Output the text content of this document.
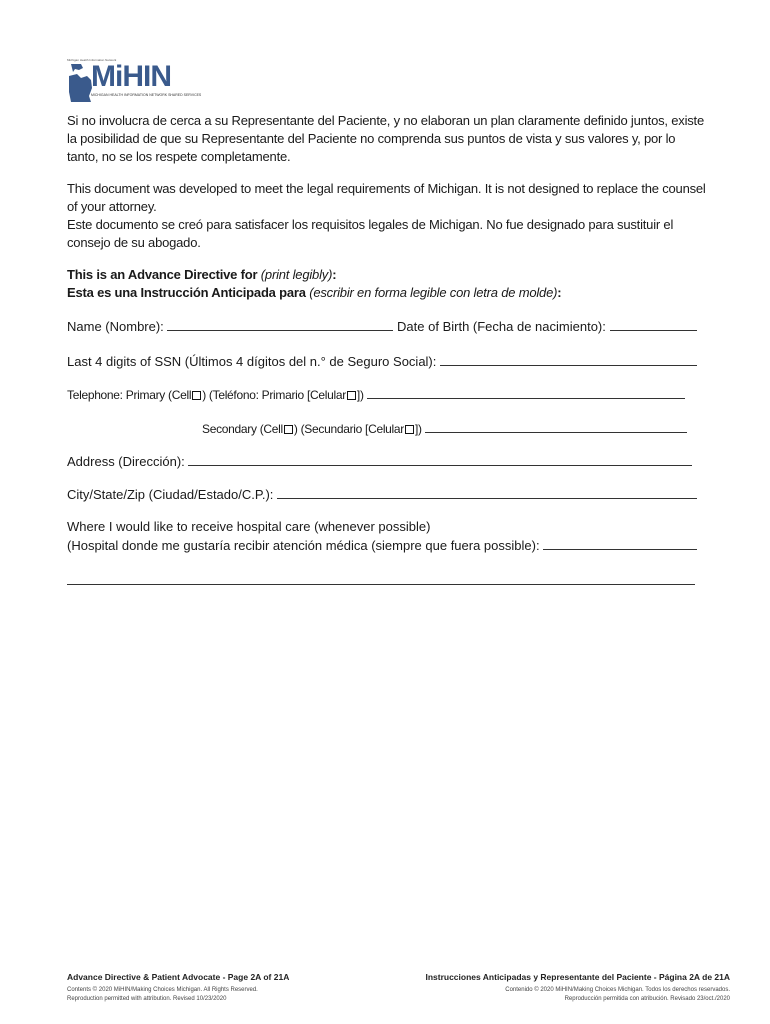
Michigan Health Information Network
MiHIN
MICHIGAN HEALTH INFORMATION NETWORK SHARED SERVICES
Si no involucra de cerca a su Representante del Paciente, y no elaboran un plan claramente definido juntos, existe la posibilidad de que su Representante del Paciente no comprenda sus puntos de vista y sus valores y, por lo tanto, no se los respete completamente.
This document was developed to meet the legal requirements of Michigan. It is not designed to replace the counsel of your attorney.
Este documento se creó para satisfacer los requisitos legales de Michigan. No fue designado para sustituir el consejo de su abogado.
This is an Advance Directive for (print legibly):
Esta es una Instrucción Anticipada para (escribir en forma legible con letra de molde):
Name (Nombre):	Date of Birth (Fecha de nacimiento):
Last 4 digits of SSN (Últimos 4 dígitos del n.° de Seguro Social):
Telephone: Primary (Cell ) (Teléfono: Primario [Celular ])
Secondary (Cell ) (Secundario [Celular ])
Address (Dirección):
City/State/Zip (Ciudad/Estado/C.P.):
Where I would like to receive hospital care (whenever possible)
(Hospital donde me gustaría recibir atención médica (siempre que fuera possible):
Advance Directive & Patient Advocate - Page 2A of 21A
Contents © 2020 MiHIN/Making Choices Michigan. All Rights Reserved.
Reproduction permitted with attribution. Revised 10/23/2020
Instrucciones Anticipadas y Representante del Paciente - Página 2A de 21A
Contenido © 2020 MiHIN/Making Choices Michigan. Todos los derechos reservados.
Reproducción permitida con atribución. Revisado 23/oct./2020
